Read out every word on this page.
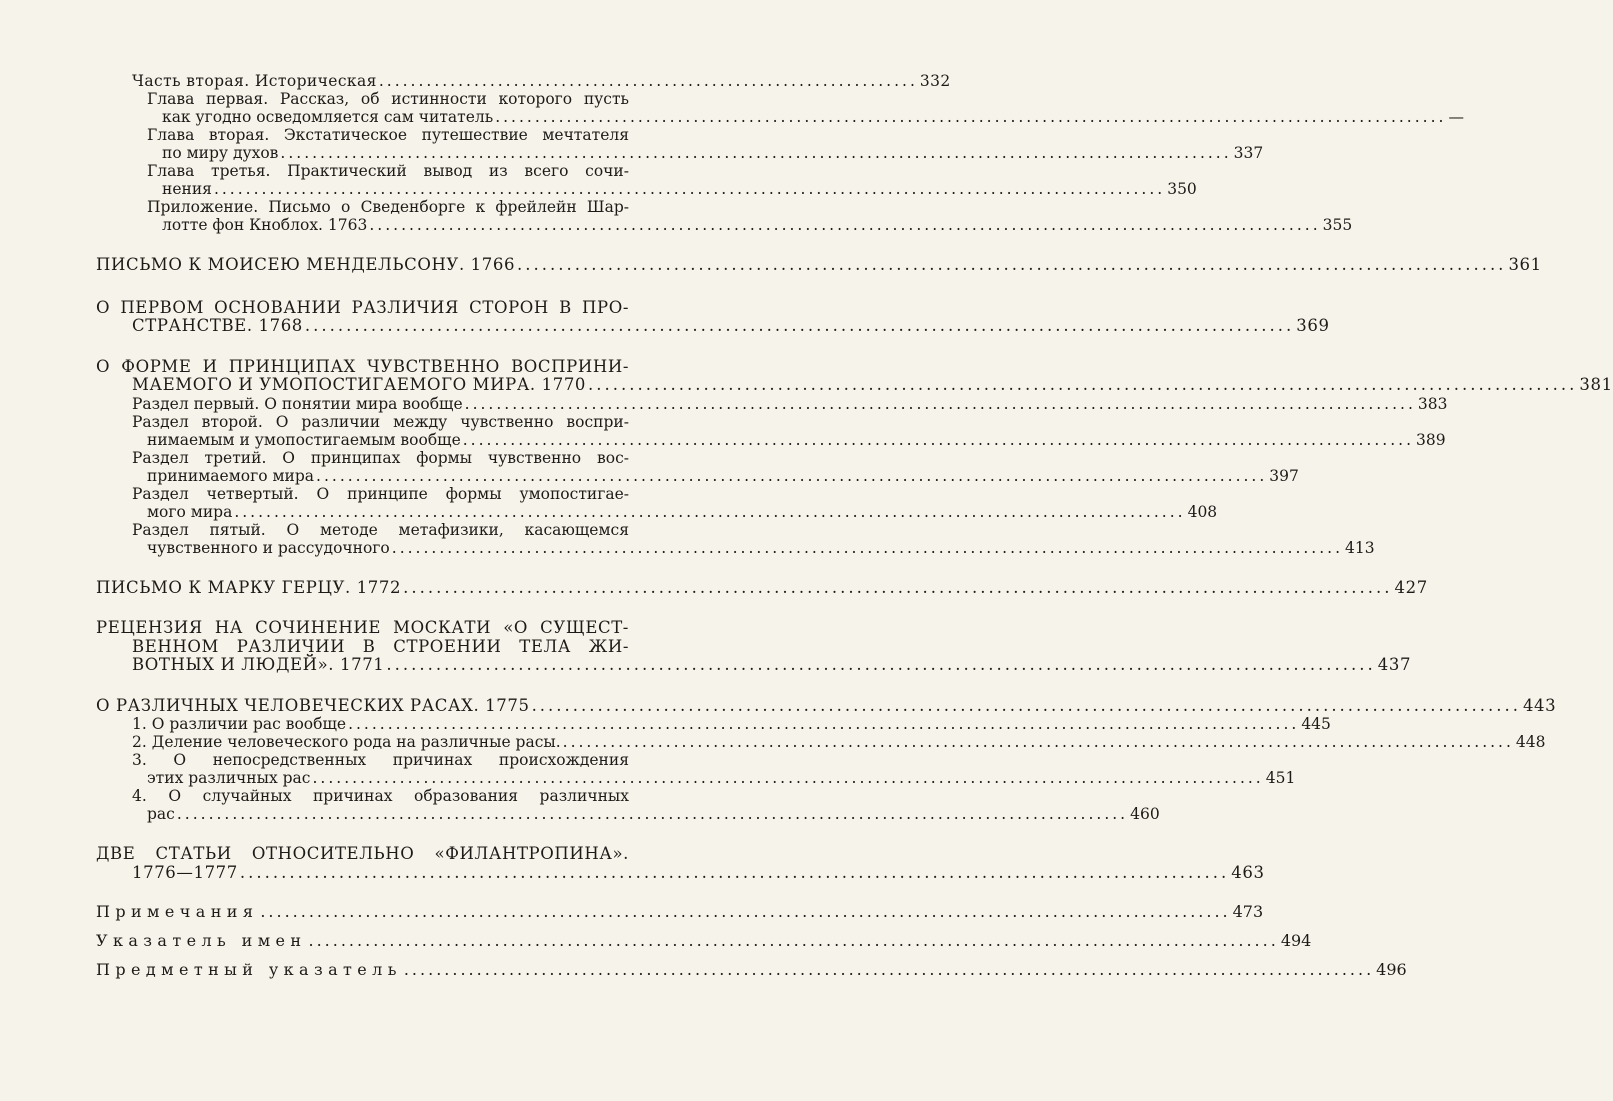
Часть вторая. Историческая .................................................................... 332
Глава первая. Рассказ, об истинности которого пусть
как угодно осведомляется сам читатель ........................................................................................................................ —
Глава вторая. Экстатическое путешествие мечтателя
по миру духов ........................................................................................................................ 337
Глава третья. Практический вывод из всего сочи-
нения ........................................................................................................................ 350
Приложение. Письмо о Сведенборге к фрейлейн Шар-
лотте фон Кноблох. 1763 ........................................................................................................................ 355
ПИСЬМО К МОИСЕЮ МЕНДЕЛЬСОНУ. 1766 ........................................................................................................................ 361
О ПЕРВОМ ОСНОВАНИИ РАЗЛИЧИЯ СТОРОН В ПРО-
СТРАНСТВЕ. 1768 ........................................................................................................................ 369
О ФОРМЕ И ПРИНЦИПАХ ЧУВСТВЕННО ВОСПРИНИ-
МАЕМОГО И УМОПОСТИГАЕМОГО МИРА. 1770 ........................................................................................................................ 381
Раздел первый. О понятии мира вообще ........................................................................................................................ 383
Раздел второй. О различии между чувственно воспри-
нимаемым и умопостигаемым вообще ........................................................................................................................ 389
Раздел третий. О принципах формы чувственно вос-
принимаемого мира ........................................................................................................................ 397
Раздел четвертый. О принципе формы умопостигае-
мого мира ........................................................................................................................ 408
Раздел пятый. О методе метафизики, касающемся
чувственного и рассудочного ........................................................................................................................ 413
ПИСЬМО К МАРКУ ГЕРЦУ. 1772 ........................................................................................................................ 427
РЕЦЕНЗИЯ НА СОЧИНЕНИЕ МОСКАТИ «О СУЩЕСТ-
ВЕННОМ РАЗЛИЧИИ В СТРОЕНИИ ТЕЛА ЖИ-
ВОТНЫХ И ЛЮДЕЙ». 1771 ........................................................................................................................ 437
О РАЗЛИЧНЫХ ЧЕЛОВЕЧЕСКИХ РАСАХ. 1775 ........................................................................................................................ 443
1. О различии рас вообще ........................................................................................................................ 445
2. Деление человеческого рода на различные расы. ........................................................................................................................ 448
3. О непосредственных причинах происхождения
этих различных рас ........................................................................................................................ 451
4. О случайных причинах образования различных
рас ........................................................................................................................ 460
ДВЕ СТАТЬИ ОТНОСИТЕЛЬНО «ФИЛАНТРОПИНА».
1776—1777 ........................................................................................................................ 463
Примечания ........................................................................................................................ 473
Указатель имен ........................................................................................................................ 494
Предметный указатель ........................................................................................................................ 496
